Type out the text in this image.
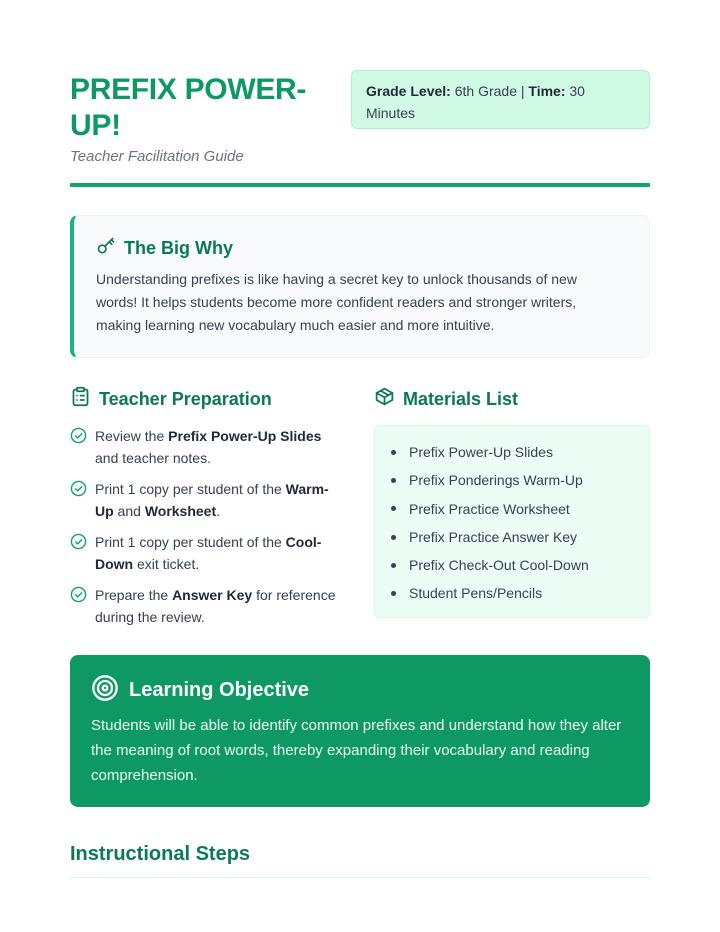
PREFIX POWER-UP!
Teacher Facilitation Guide
Grade Level: 6th Grade | Time: 30 Minutes
The Big Why

Understanding prefixes is like having a secret key to unlock thousands of new words! It helps students become more confident readers and stronger writers, making learning new vocabulary much easier and more intuitive.

Teacher Preparation
Review the Prefix Power-Up Slides and teacher notes.
Print 1 copy per student of the Warm-Up and Worksheet.
Print 1 copy per student of the Cool-Down exit ticket.
Prepare the Answer Key for reference during the review.
Materials List
Prefix Power-Up Slides
Prefix Ponderings Warm-Up
Prefix Practice Worksheet
Prefix Practice Answer Key
Prefix Check-Out Cool-Down
Student Pens/Pencils
Learning Objective

Students will be able to identify common prefixes and understand how they alter the meaning of root words, thereby expanding their vocabulary and reading comprehension.

Instructional Steps
